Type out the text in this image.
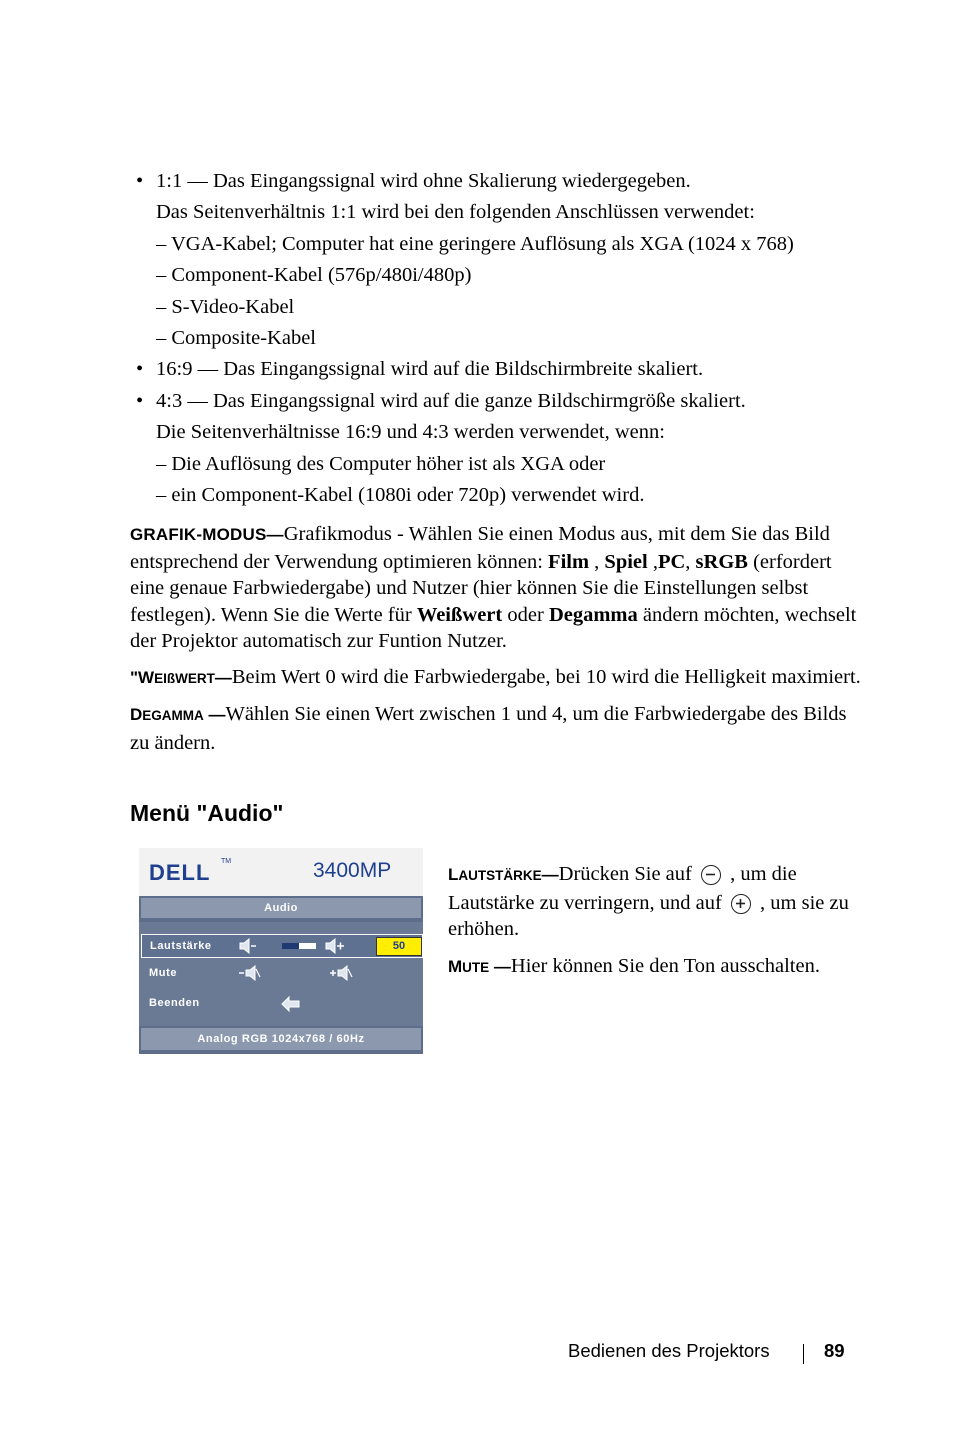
• 1:1 — Das Eingangssignal wird ohne Skalierung wiedergegeben.
Das Seitenverhältnis 1:1 wird bei den folgenden Anschlüssen verwendet:
– VGA-Kabel; Computer hat eine geringere Auflösung als XGA (1024 x 768)
– Component-Kabel (576p/480i/480p)
– S-Video-Kabel
– Composite-Kabel
• 16:9 — Das Eingangssignal wird auf die Bildschirmbreite skaliert.
• 4:3 — Das Eingangssignal wird auf die ganze Bildschirmgröße skaliert.
Die Seitenverhältnisse 16:9 und 4:3 werden verwendet, wenn:
– Die Auflösung des Computer höher ist als XGA oder
– ein Component-Kabel (1080i oder 720p) verwendet wird.
GRAFIK-MODUS—Grafikmodus - Wählen Sie einen Modus aus, mit dem Sie das Bild entsprechend der Verwendung optimieren können: Film , Spiel ,PC, sRGB (erfordert eine genaue Farbwiedergabe) und Nutzer (hier können Sie die Einstellungen selbst festlegen). Wenn Sie die Werte für Weißwert oder Degamma ändern möchten, wechselt der Projektor automatisch zur Funtion Nutzer.
"WEIßWERT—Beim Wert 0 wird die Farbwiedergabe, bei 10 wird die Helligkeit maximiert.
DEGAMMA —Wählen Sie einen Wert zwischen 1 und 4, um die Farbwiedergabe des Bilds zu ändern.
Menü "Audio"
DELL TM	3400MP
Audio
Lautstärke	50
Mute
Beenden
Analog RGB 1024x768 / 60Hz
LAUTSTÄRKE—Drücken Sie auf
, um die Lautstärke zu verringern, und auf
, um sie zu erhöhen.
MUTE —Hier können Sie den Ton ausschalten.
Bedienen des Projektors	89
